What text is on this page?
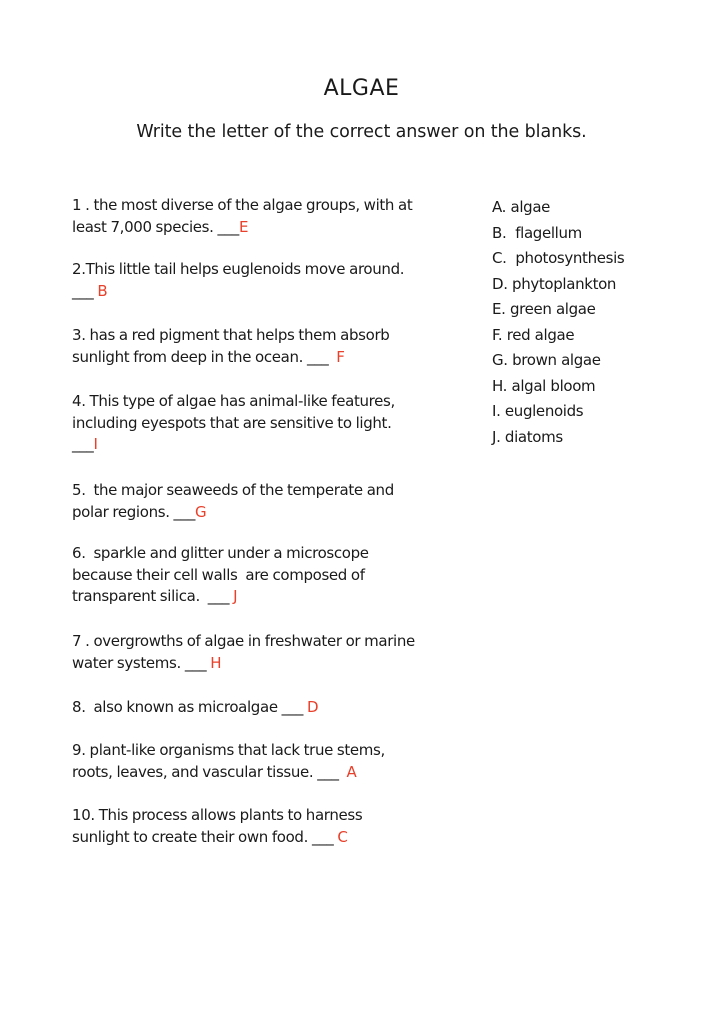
ALGAE
Write the letter of the correct answer on the blanks.
1 . the most diverse of the algae groups, with at
least 7,000 species. ___E
2.This little tail helps euglenoids move around.
___ B
3. has a red pigment that helps them absorb
sunlight from deep in the ocean. ___ F
4. This type of algae has animal-like features,
including eyespots that are sensitive to light.
___I
5.  the major seaweeds of the temperate and
polar regions. ___G
6.  sparkle and glitter under a microscope
because their cell walls  are composed of
transparent silica.  ___ J
7 . overgrowths of algae in freshwater or marine
water systems. ___ H
8.  also known as microalgae ___ D
9. plant-like organisms that lack true stems,
roots, leaves, and vascular tissue. ___ A
10. This process allows plants to harness
sunlight to create their own food. ___ C
A. algae
B.  flagellum
C.  photosynthesis
D. phytoplankton
E. green algae
F. red algae
G. brown algae
H. algal bloom
I. euglenoids
J. diatoms
